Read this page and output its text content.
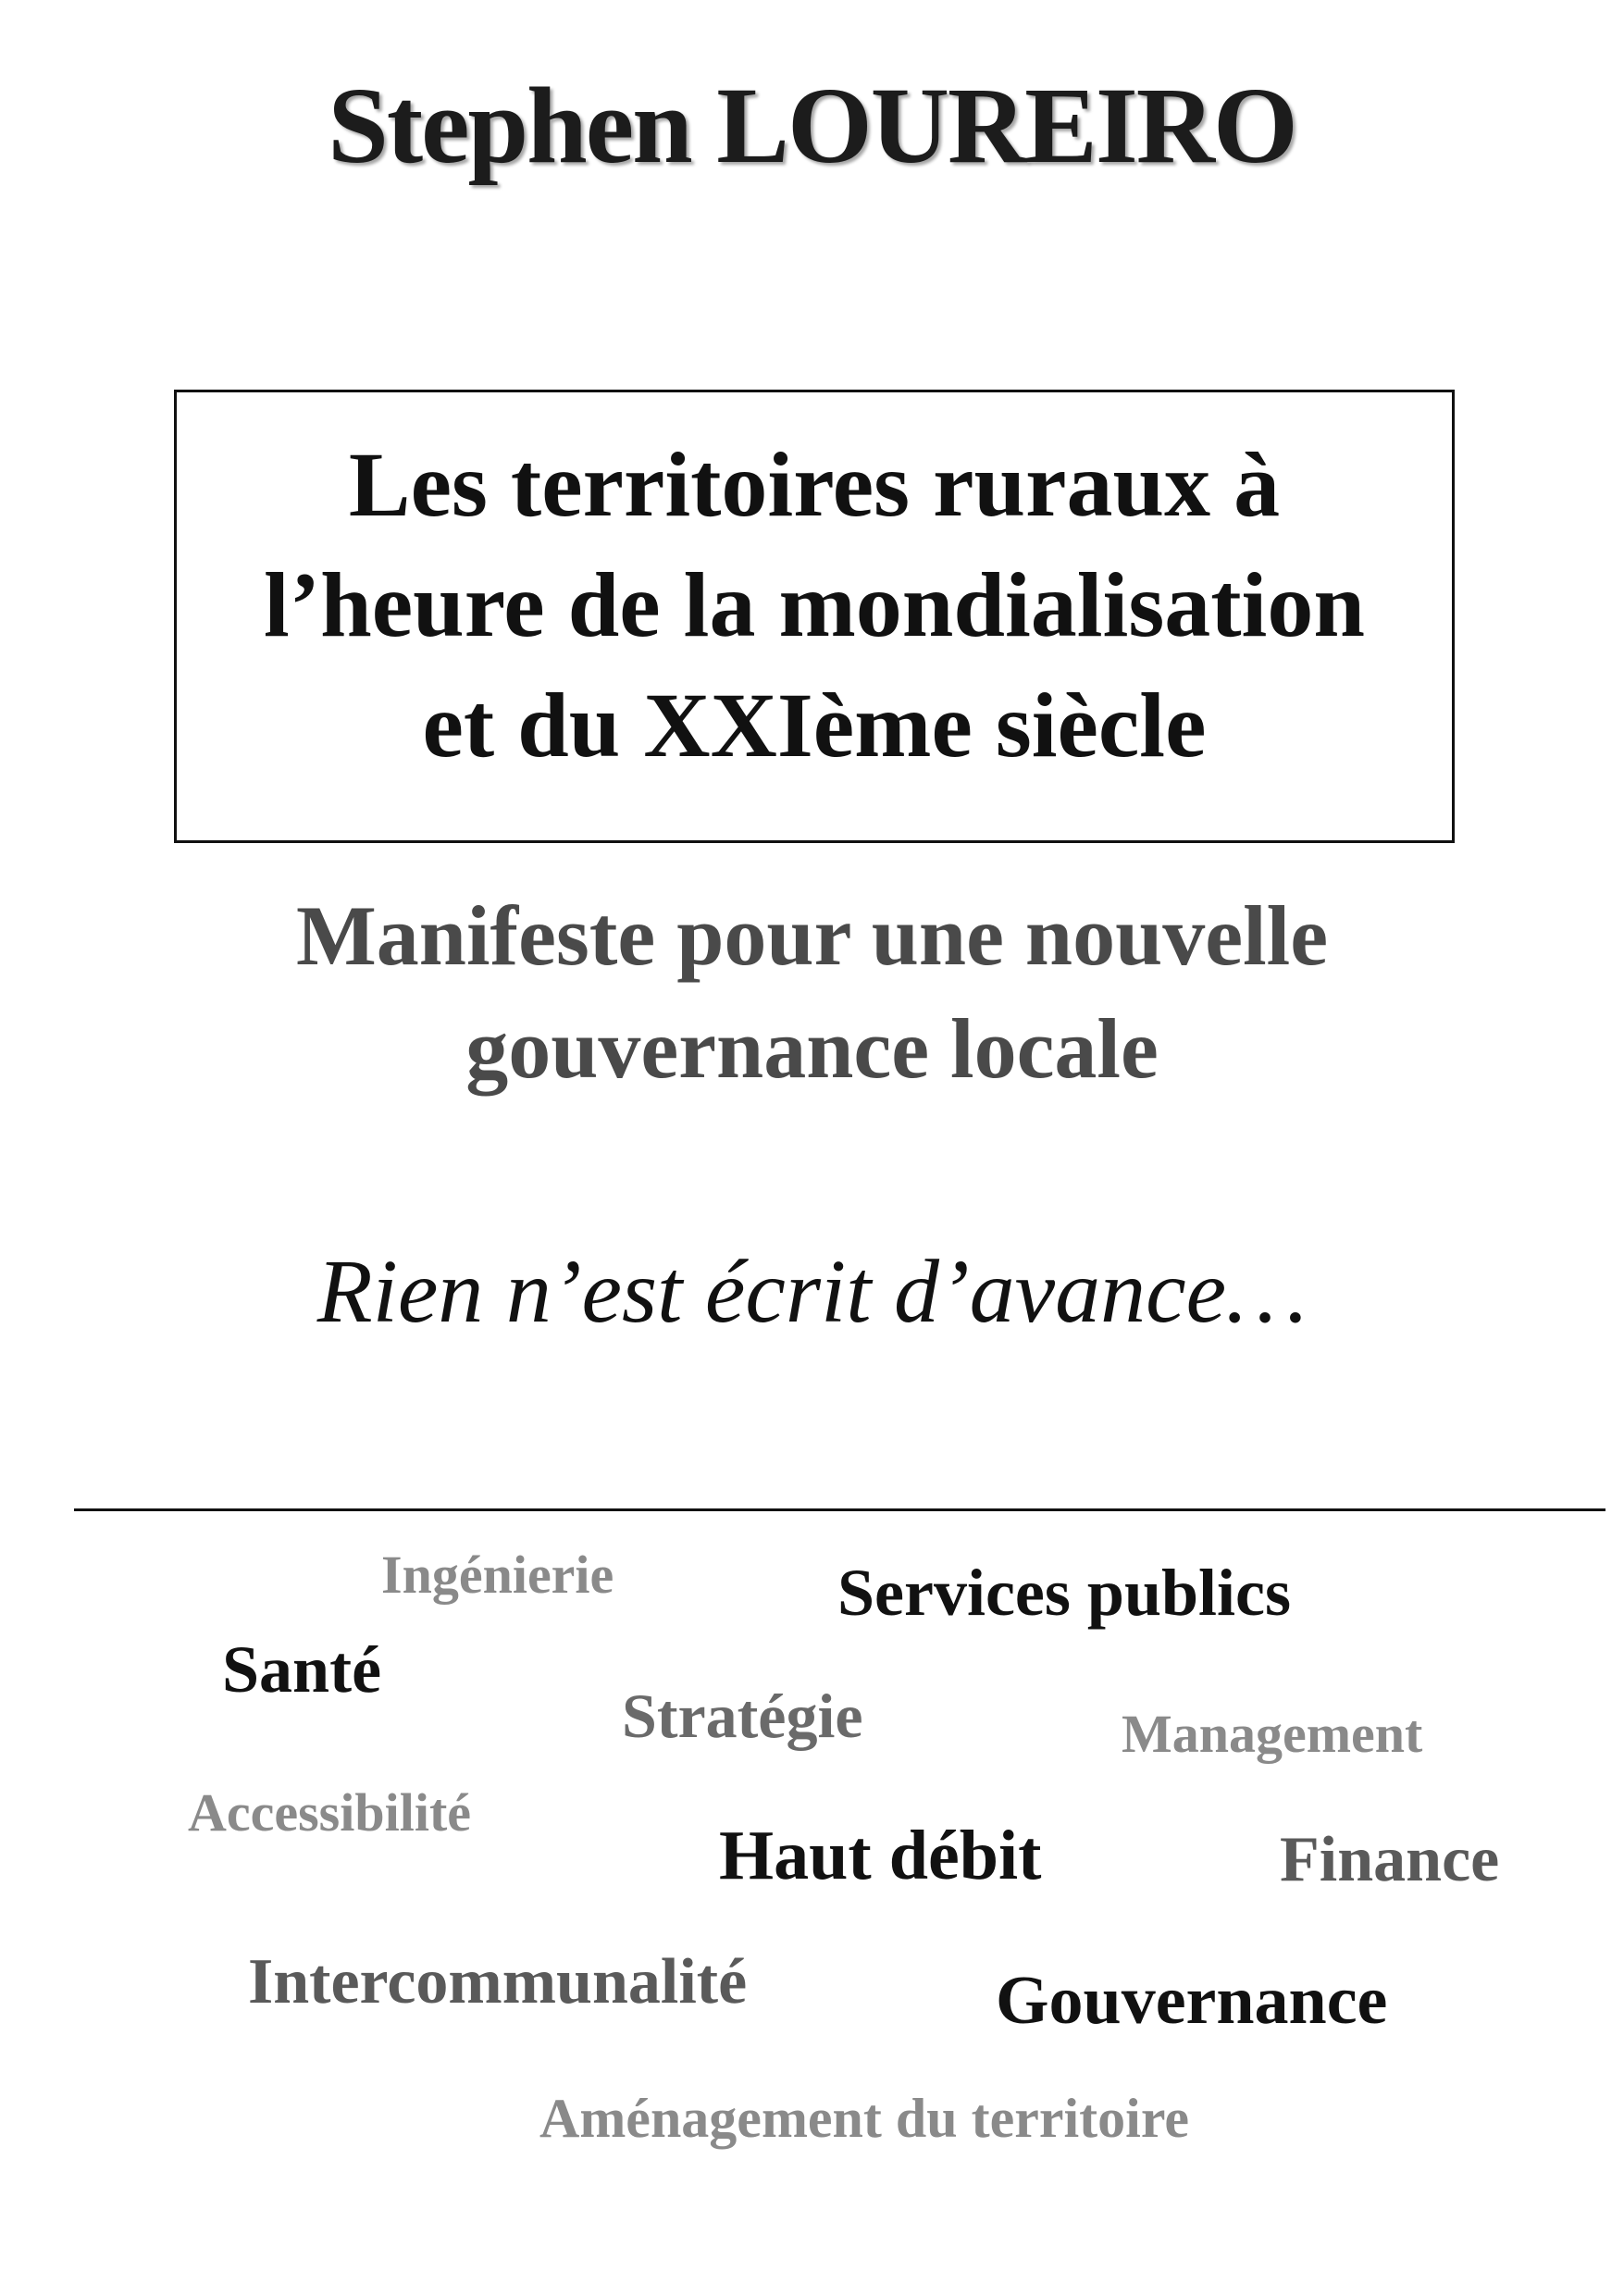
Stephen LOUREIRO
Les territoires ruraux à
l’heure de la mondialisation
et du XXIème siècle
Manifeste pour une nouvelle
gouvernance locale
Rien n’est écrit d’avance…
Ingénierie	Services publics
Santé
Stratégie	Management
Accessibilité
Haut débit	Finance
Intercommunalité	Gouvernance
Aménagement du territoire
